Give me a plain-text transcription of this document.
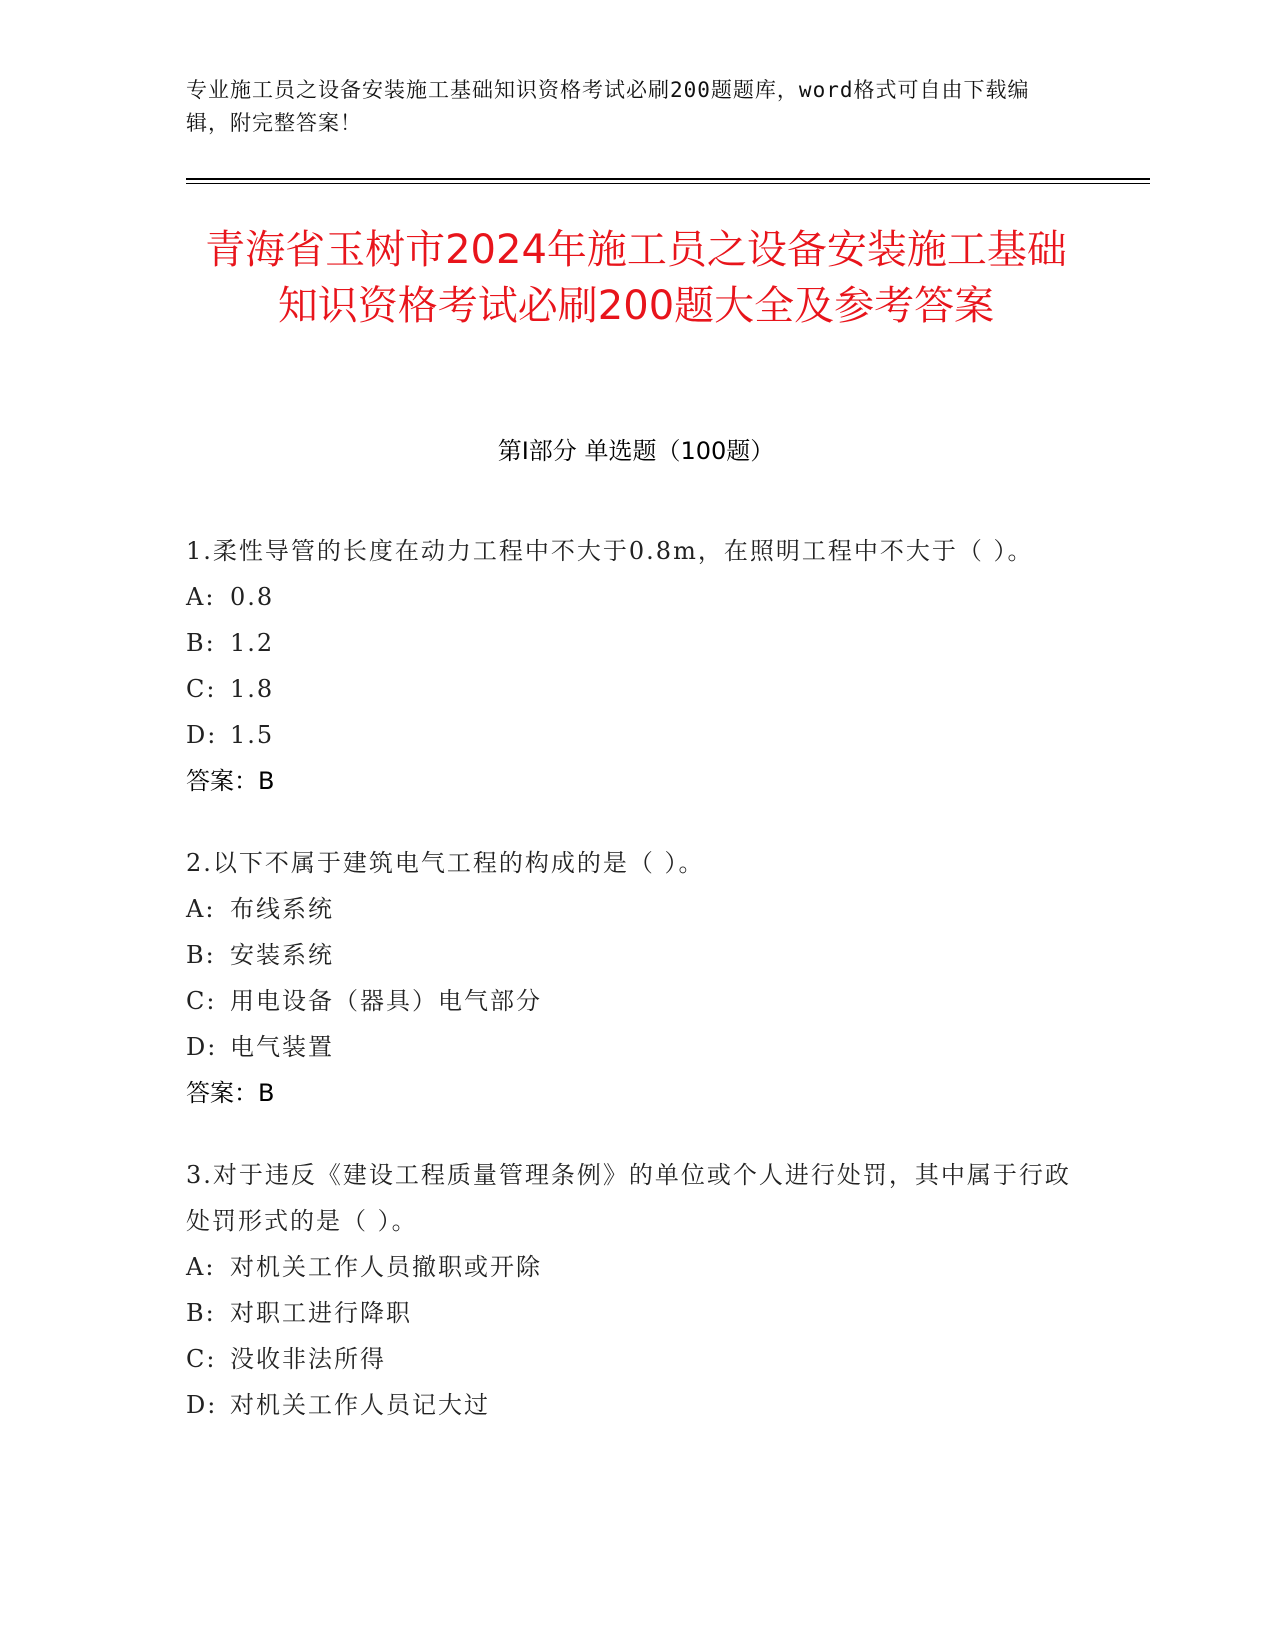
专业施工员之设备安装施工基础知识资格考试必刷200题题库，word格式可自由下载编辑，附完整答案！
青海省玉树市2024年施工员之设备安装施工基础知识资格考试必刷200题大全及参考答案
第Ⅰ部分 单选题（100题）
1.柔性导管的长度在动力工程中不大于0.8m，在照明工程中不大于（ ）。
A: 0.8
B: 1.2
C: 1.8
D: 1.5
答案：B
2.以下不属于建筑电气工程的构成的是（ ）。
A: 布线系统
B: 安装系统
C: 用电设备（器具）电气部分
D: 电气装置
答案：B
3.对于违反《建设工程质量管理条例》的单位或个人进行处罚，其中属于行政处罚形式的是（ ）。
A: 对机关工作人员撤职或开除
B: 对职工进行降职
C: 没收非法所得
D: 对机关工作人员记大过
